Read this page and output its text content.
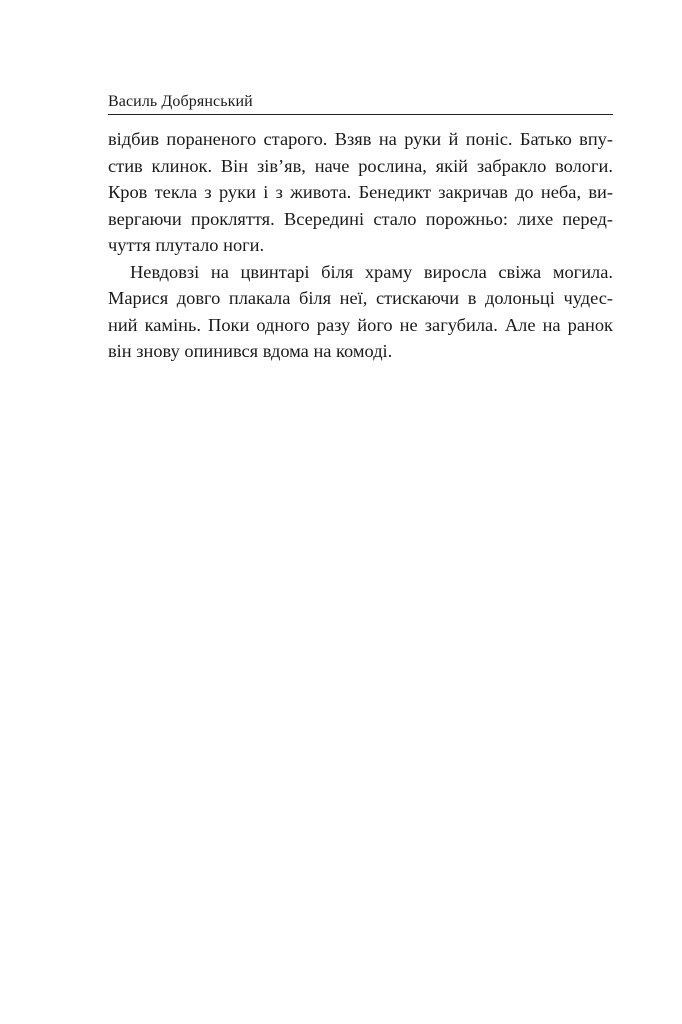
Василь Добрянський
відбив пораненого старого. Взяв на руки й поніс. Батько впу-
стив клинок. Він зів’яв, наче рослина, якій забракло вологи.
Кров текла з руки і з живота. Бенедикт закричав до неба, ви-
вергаючи прокляття. Всередині стало порожньо: лихе перед-
чуття плутало ноги.
Невдовзі на цвинтарі біля храму виросла свіжа могила.
Марися довго плакала біля неї, стискаючи в долоньці чудес-
ний камінь. Поки одного разу його не загубила. Але на ранок
він знову опинився вдома на комоді.
